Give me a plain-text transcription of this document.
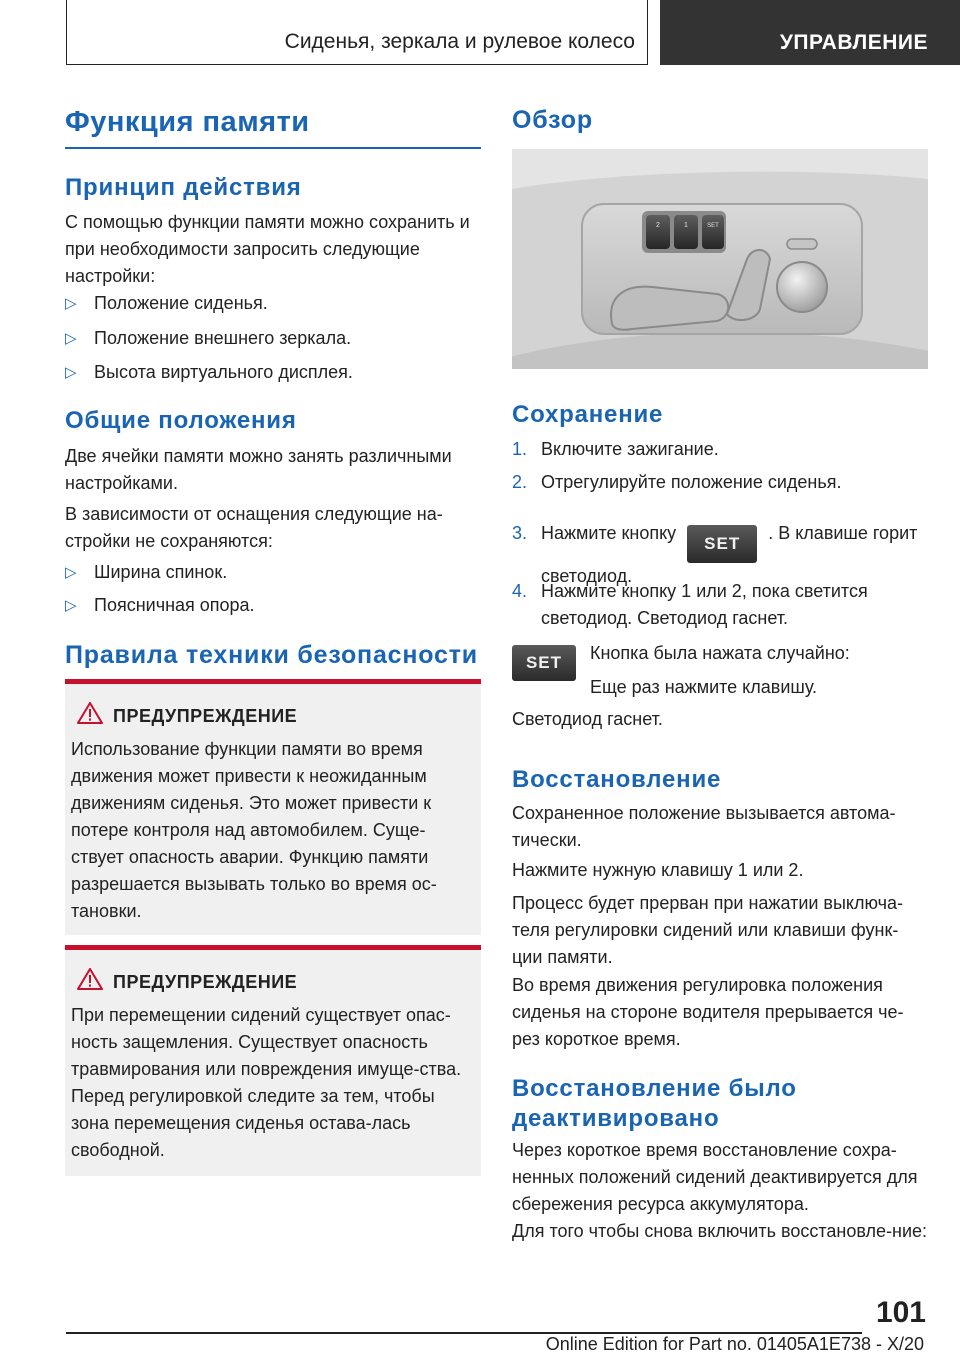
Сиденья, зеркала и рулевое колесо	УПРАВЛЕНИЕ
Функция памяти
Принцип действия
С помощью функции памяти можно сохранить и при необходимости запросить следующие настройки:
▷ Положение сиденья.
▷ Положение внешнего зеркала.
▷ Высота виртуального дисплея.
Общие положения
Две ячейки памяти можно занять различными настройками.
В зависимости от оснащения следующие на-стройки не сохраняются:
▷ Ширина спинок.
▷ Поясничная опора.
Правила техники безопасности
ПРЕДУПРЕЖДЕНИЕ
Использование функции памяти во время движения может привести к неожиданным движениям сиденья. Это может привести к потере контроля над автомобилем. Суще-ствует опасность аварии. Функцию памяти разрешается вызывать только во время ос-тановки.
ПРЕДУПРЕЖДЕНИЕ
При перемещении сидений существует опас-ность защемления. Существует опасность травмирования или повреждения имуще-ства. Перед регулировкой следите за тем, чтобы зона перемещения сиденья остава-лась свободной.
Обзор
2	1	SET
Сохранение
1. Включите зажигание.
2. Отрегулируйте положение сиденья.
3. Нажмите кнопку SET . В клавише горит светодиод.
4. Нажмите кнопку 1 или 2, пока светится светодиод. Светодиод гаснет.
SET	Кнопка была нажата случайно:
Еще раз нажмите клавишу.
Светодиод гаснет.
Восстановление
Сохраненное положение вызывается автома-тически.
Нажмите нужную клавишу 1 или 2.
Процесс будет прерван при нажатии выключа-теля регулировки сидений или клавиши функ-ции памяти.
Во время движения регулировка положения сиденья на стороне водителя прерывается че-рез короткое время.
Восстановление было
деактивировано
Через короткое время восстановление сохра-ненных положений сидений деактивируется для сбережения ресурса аккумулятора.
Для того чтобы снова включить восстановле-ние:
101
Online Edition for Part no. 01405A1E738 - X/20
